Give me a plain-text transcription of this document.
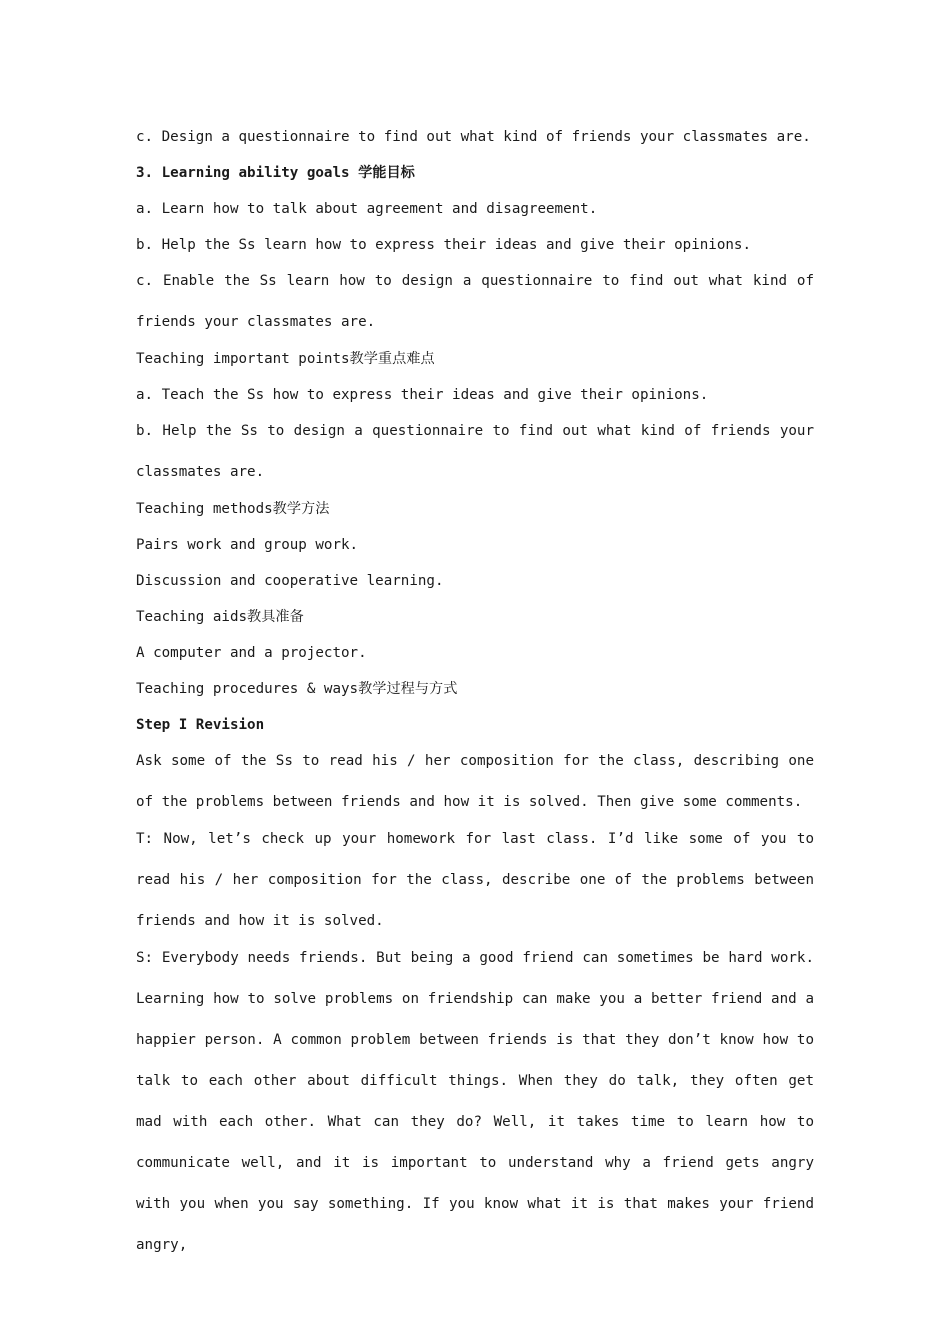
c. Design a questionnaire to find out what kind of friends your classmates are.

3. Learning ability goals 学能目标

a. Learn how to talk about agreement and disagreement.

b. Help the Ss learn how to express their ideas and give their opinions.

c. Enable the Ss learn how to design a questionnaire to find out what kind of friends your classmates are.

Teaching important points教学重点难点

a. Teach the Ss how to express their ideas and give their opinions.

b. Help the Ss to design a questionnaire to find out what kind of friends your classmates are.

Teaching methods教学方法

Pairs work and group work.

Discussion and cooperative learning.

Teaching aids教具准备

A computer and a projector.

Teaching procedures & ways教学过程与方式

Step I Revision

Ask some of the Ss to read his / her composition for the class, describing one of the problems between friends and how it is solved. Then give some comments.

T: Now, let’s check up your homework for last class. I’d like some of you to read his / her composition for the class, describe one of the problems between friends and how it is solved.

S: Everybody needs friends. But being a good friend can sometimes be hard work. Learning how to solve problems on friendship can make you a better friend and a happier person. A common problem between friends is that they don’t know how to talk to each other about difficult things. When they do talk, they often get mad with each other. What can they do? Well, it takes time to learn how to communicate well, and it is important to understand why a friend gets angry with you when you say something. If you know what it is that makes your friend angry,
